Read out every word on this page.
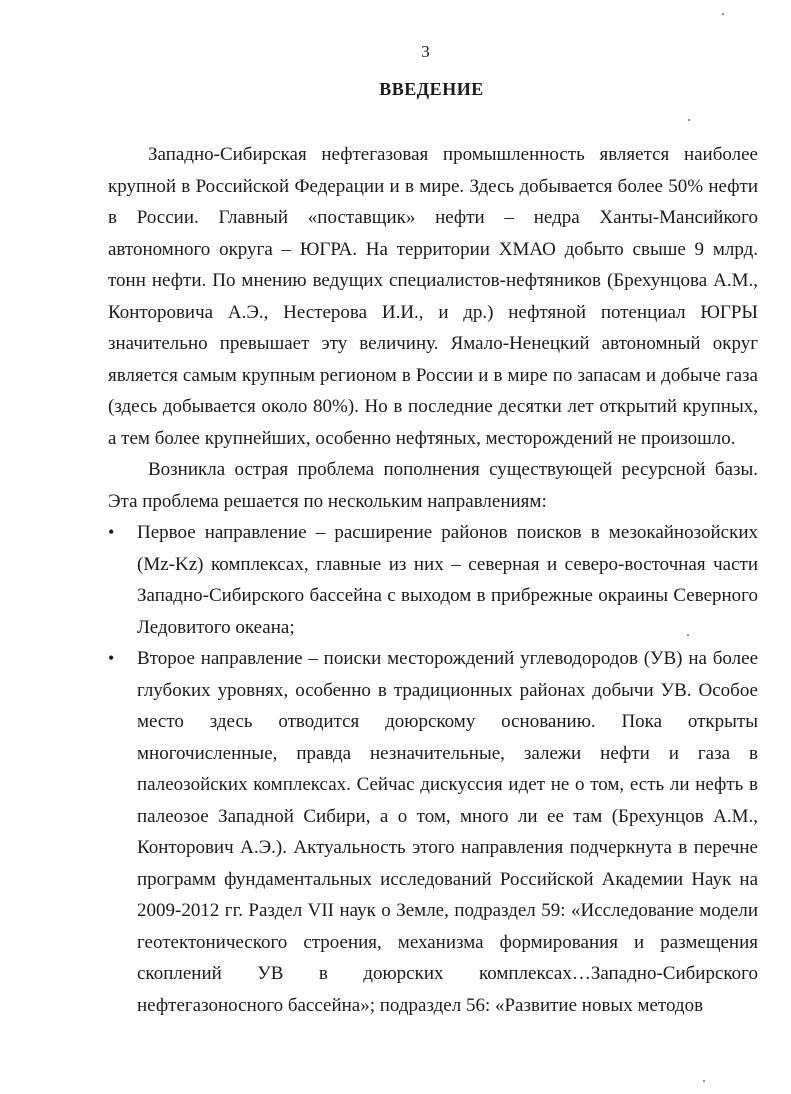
3
ВВЕДЕНИЕ

Западно-Сибирская нефтегазовая промышленность является наиболее крупной в Российской Федерации и в мире. Здесь добывается более 50% нефти в России. Главный «поставщик» нефти – недра Ханты-Мансийкого автономного округа – ЮГРА. На территории ХМАО добыто свыше 9 млрд. тонн нефти. По мнению ведущих специалистов-нефтяников (Брехунцова А.М., Конторовича А.Э., Нестерова И.И., и др.) нефтяной потенциал ЮГРЫ значительно превышает эту величину. Ямало-Ненецкий автономный округ является самым крупным регионом в России и в мире по запасам и добыче газа (здесь добывается около 80%). Но в последние десятки лет открытий крупных, а тем более крупнейших, особенно нефтяных, месторождений не произошло.

Возникла острая проблема пополнения существующей ресурсной базы. Эта проблема решается по нескольким направлениям:

• Первое направление – расширение районов поисков в мезокайнозойских (Mz-Kz) комплексах, главные из них – северная и северо-восточная части Западно-Сибирского бассейна с выходом в прибрежные окраины Северного Ледовитого океана;
• Второе направление – поиски месторождений углеводородов (УВ) на более глубоких уровнях, особенно в традиционных районах добычи УВ. Особое место здесь отводится доюрскому основанию. Пока открыты многочисленные, правда незначительные, залежи нефти и газа в палеозойских комплексах. Сейчас дискуссия идет не о том, есть ли нефть в палеозое Западной Сибири, а о том, много ли ее там (Брехунцов А.М., Конторович А.Э.). Актуальность этого направления подчеркнута в перечне программ фундаментальных исследований Российской Академии Наук на 2009-2012 гг. Раздел VII наук о Земле, подраздел 59: «Исследование модели геотектонического строения, механизма формирования и размещения скоплений УВ в доюрских комплексах…Западно-Сибирского нефтегазоносного бассейна»; подраздел 56: «Развитие новых методов
